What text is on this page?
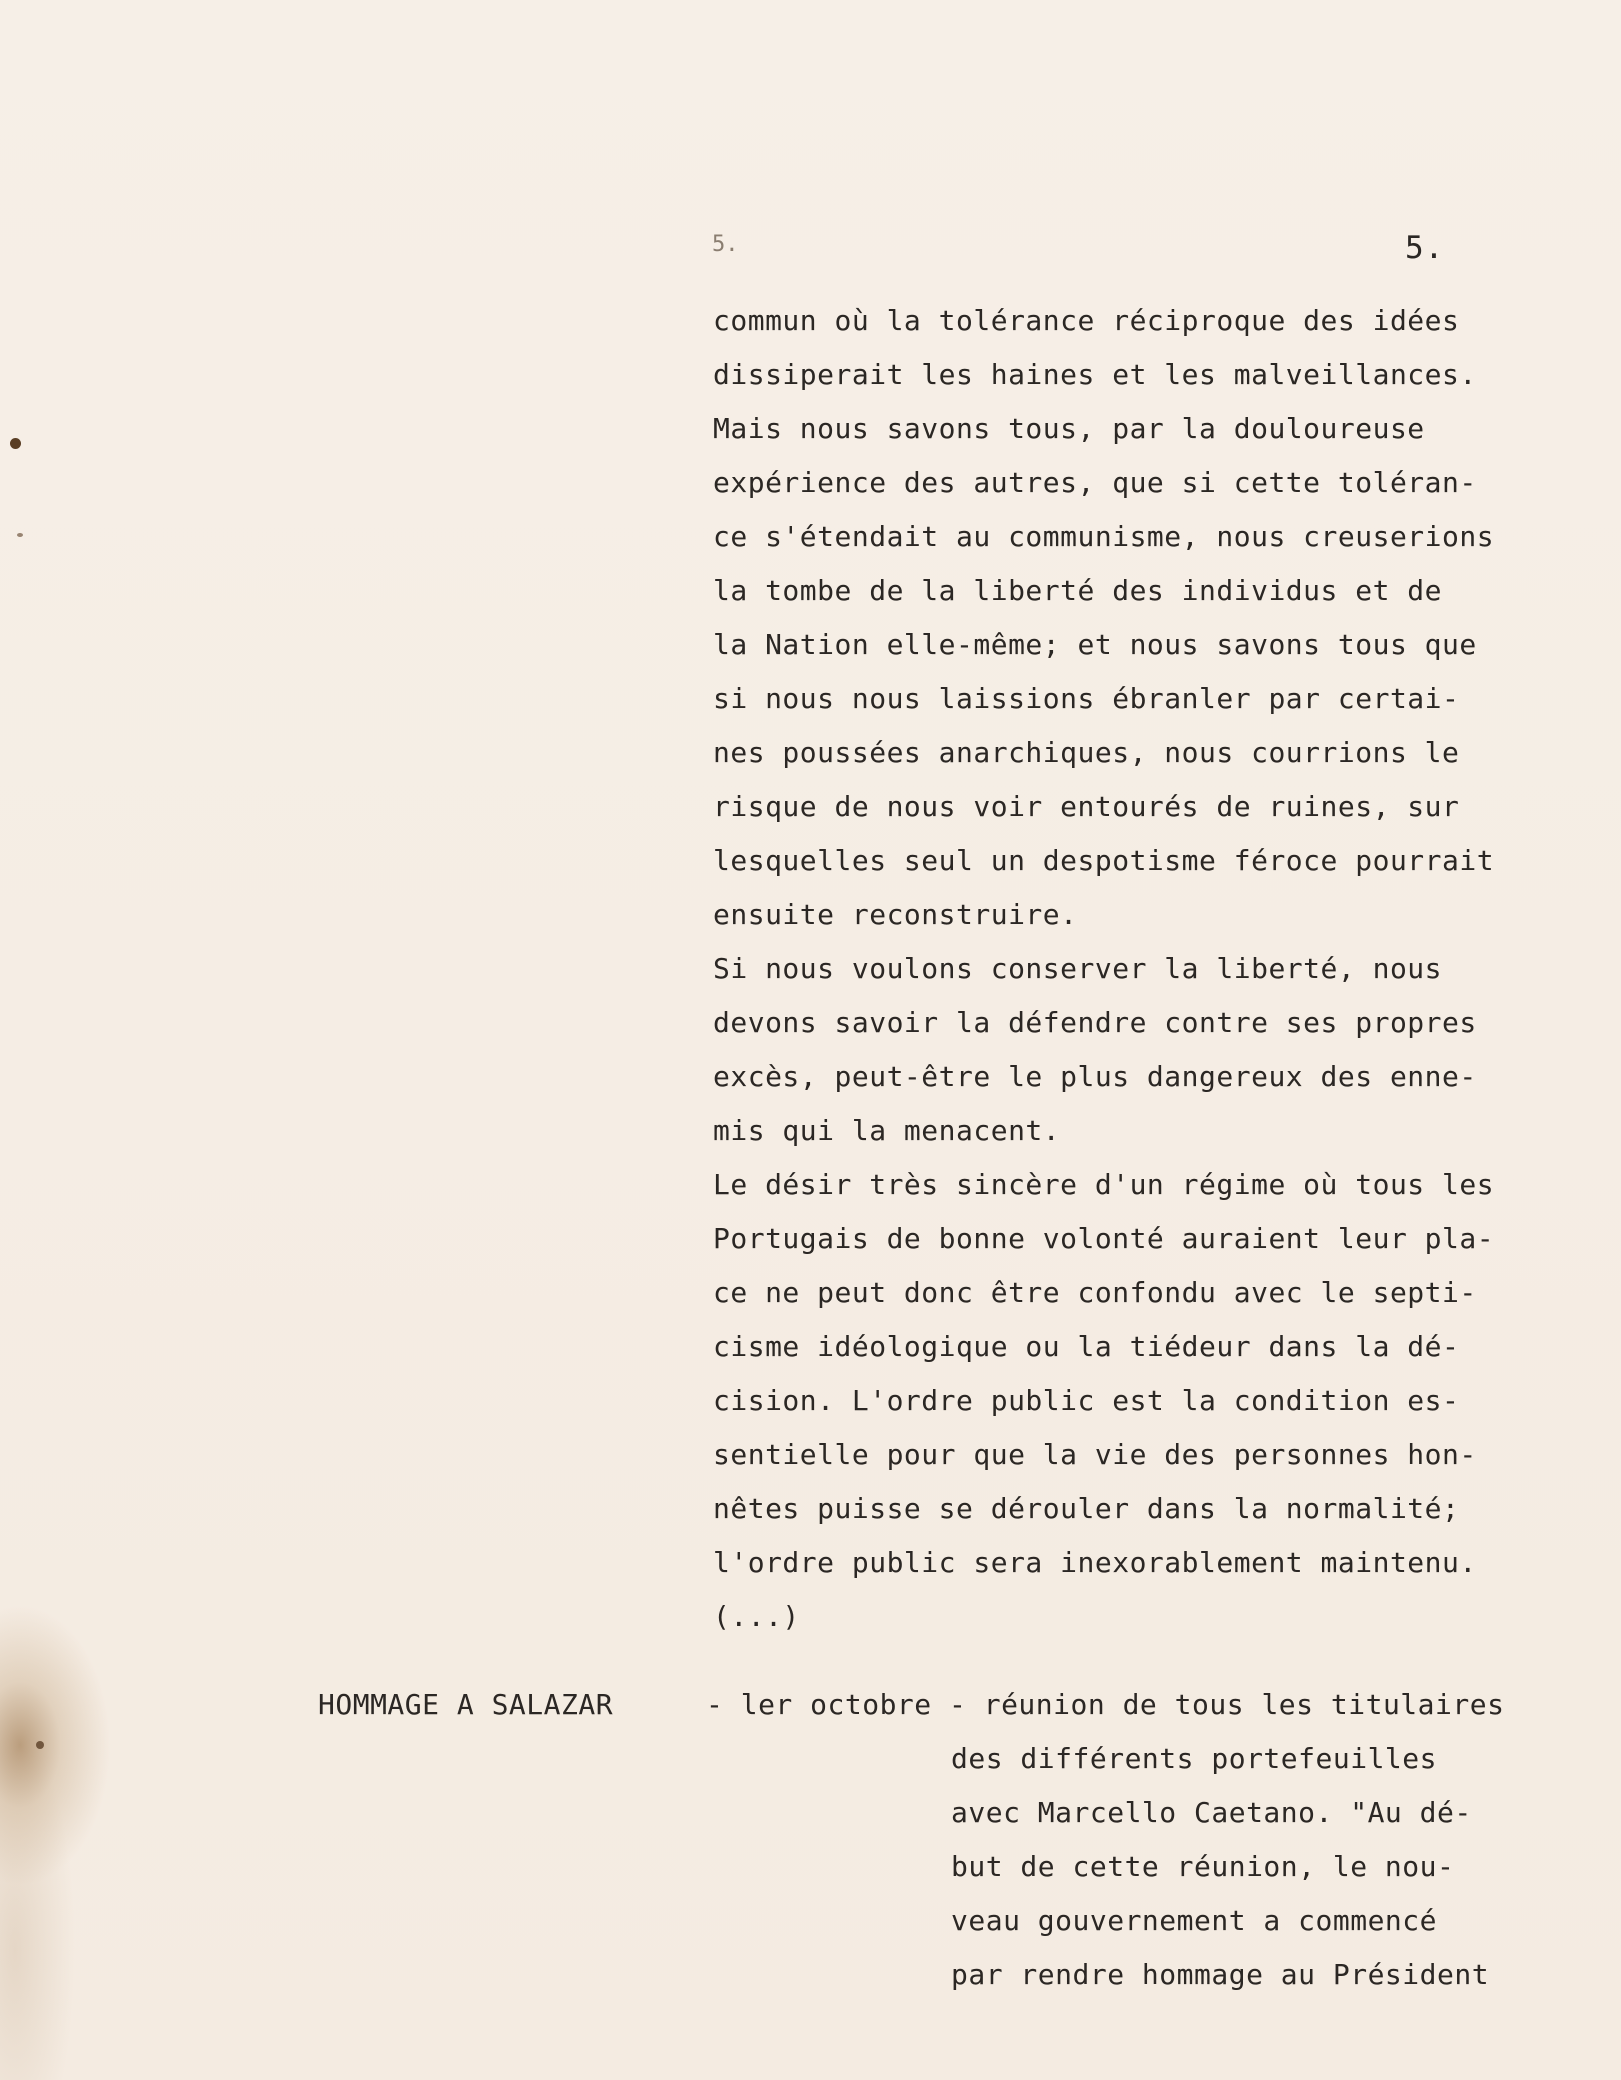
5.	5.
commun où la tolérance réciproque des idées
dissiperait les haines et les malveillances.
Mais nous savons tous, par la douloureuse
expérience des autres, que si cette toléran-
ce s'étendait au communisme, nous creuserions
la tombe de la liberté des individus et de
la Nation elle-même; et nous savons tous que
si nous nous laissions ébranler par certai-
nes poussées anarchiques, nous courrions le
risque de nous voir entourés de ruines, sur
lesquelles seul un despotisme féroce pourrait
ensuite reconstruire.
Si nous voulons conserver la liberté, nous
devons savoir la défendre contre ses propres
excès, peut-être le plus dangereux des enne-
mis qui la menacent.
Le désir très sincère d'un régime où tous les
Portugais de bonne volonté auraient leur pla-
ce ne peut donc être confondu avec le septi-
cisme idéologique ou la tiédeur dans la dé-
cision. L'ordre public est la condition es-
sentielle pour que la vie des personnes hon-
nêtes puisse se dérouler dans la normalité;
l'ordre public sera inexorablement maintenu.
(...)
HOMMAGE A SALAZAR	- ler octobre - réunion de tous les titulaires
des différents portefeuilles
avec Marcello Caetano. "Au dé-
but de cette réunion, le nou-
veau gouvernement a commencé
par rendre hommage au Président
